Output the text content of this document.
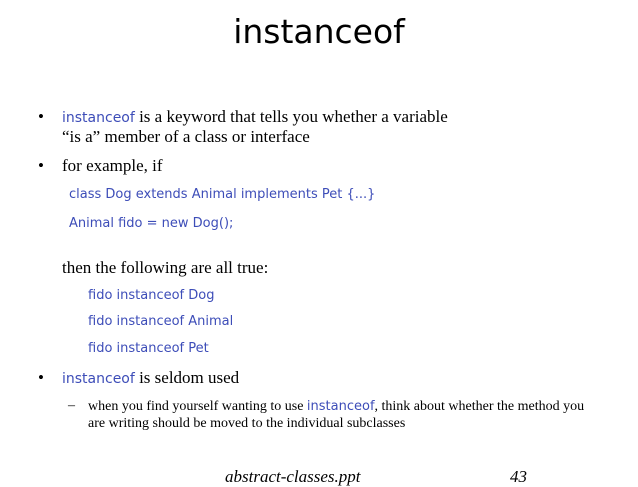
instanceof
• instanceof is a keyword that tells you whether a variable
“is a” member of a class or interface
• for example, if
class Dog extends Animal implements Pet {...}
Animal fido = new Dog();
then the following are all true:
fido instanceof Dog
fido instanceof Animal
fido instanceof Pet
• instanceof is seldom used
– when you find yourself wanting to use instanceof, think about whether the method you
are writing should be moved to the individual subclasses
abstract-classes.ppt	43
